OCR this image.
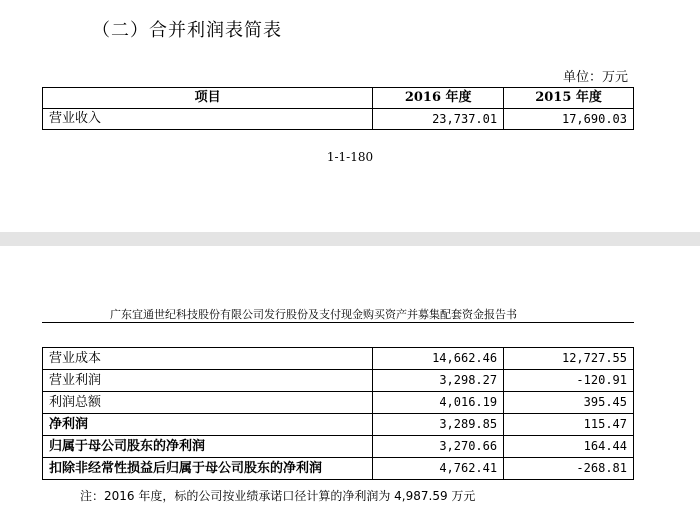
（二）合并利润表简表
单位：万元
项目	2016 年度	2015 年度
营业收入	23,737.01	17,690.03
1-1-180
广东宜通世纪科技股份有限公司发行股份及支付现金购买资产并募集配套资金报告书
营业成本	14,662.46	12,727.55
营业利润	3,298.27	-120.91
利润总额	4,016.19	395.45
净利润	3,289.85	115.47
归属于母公司股东的净利润	3,270.66	164.44
扣除非经常性损益后归属于母公司股东的净利润	4,762.41	-268.81
注：2016 年度，标的公司按业绩承诺口径计算的净利润为 4,987.59 万元
